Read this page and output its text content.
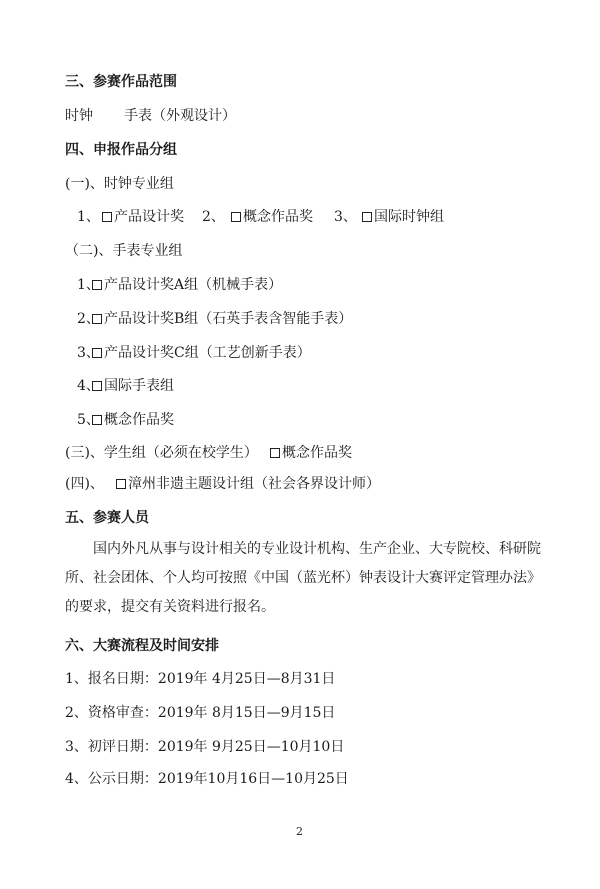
三、参赛作品范围
时钟 手表（外观设计）
四、申报作品分组
(一)、时钟专业组
1、	产品设计奖 2、	概念作品奖 3、	国际时钟组
（二)、手表专业组
1、 产品设计奖A组（机械手表）
2、 产品设计奖B组（石英手表含智能手表）
3、 产品设计奖C组（工艺创新手表）
4、 国际手表组
5、 概念作品奖
(三)、学生组（必须在校学生）	概念作品奖
(四)、	漳州非遗主题设计组（社会各界设计师）
五、参赛人员
国内外凡从事与设计相关的专业设计机构、生产企业、大专院校、科研院所、社会团体、个人均可按照《中国（蓝光杯）钟表设计大赛评定管理办法》的要求，提交有关资料进行报名。
六、大赛流程及时间安排
1、报名日期：2019年 4月25日—8月31日
2、资格审查：2019年 8月15日—9月15日
3、初评日期：2019年 9月25日—10月10日
4、公示日期：2019年10月16日—10月25日
2
